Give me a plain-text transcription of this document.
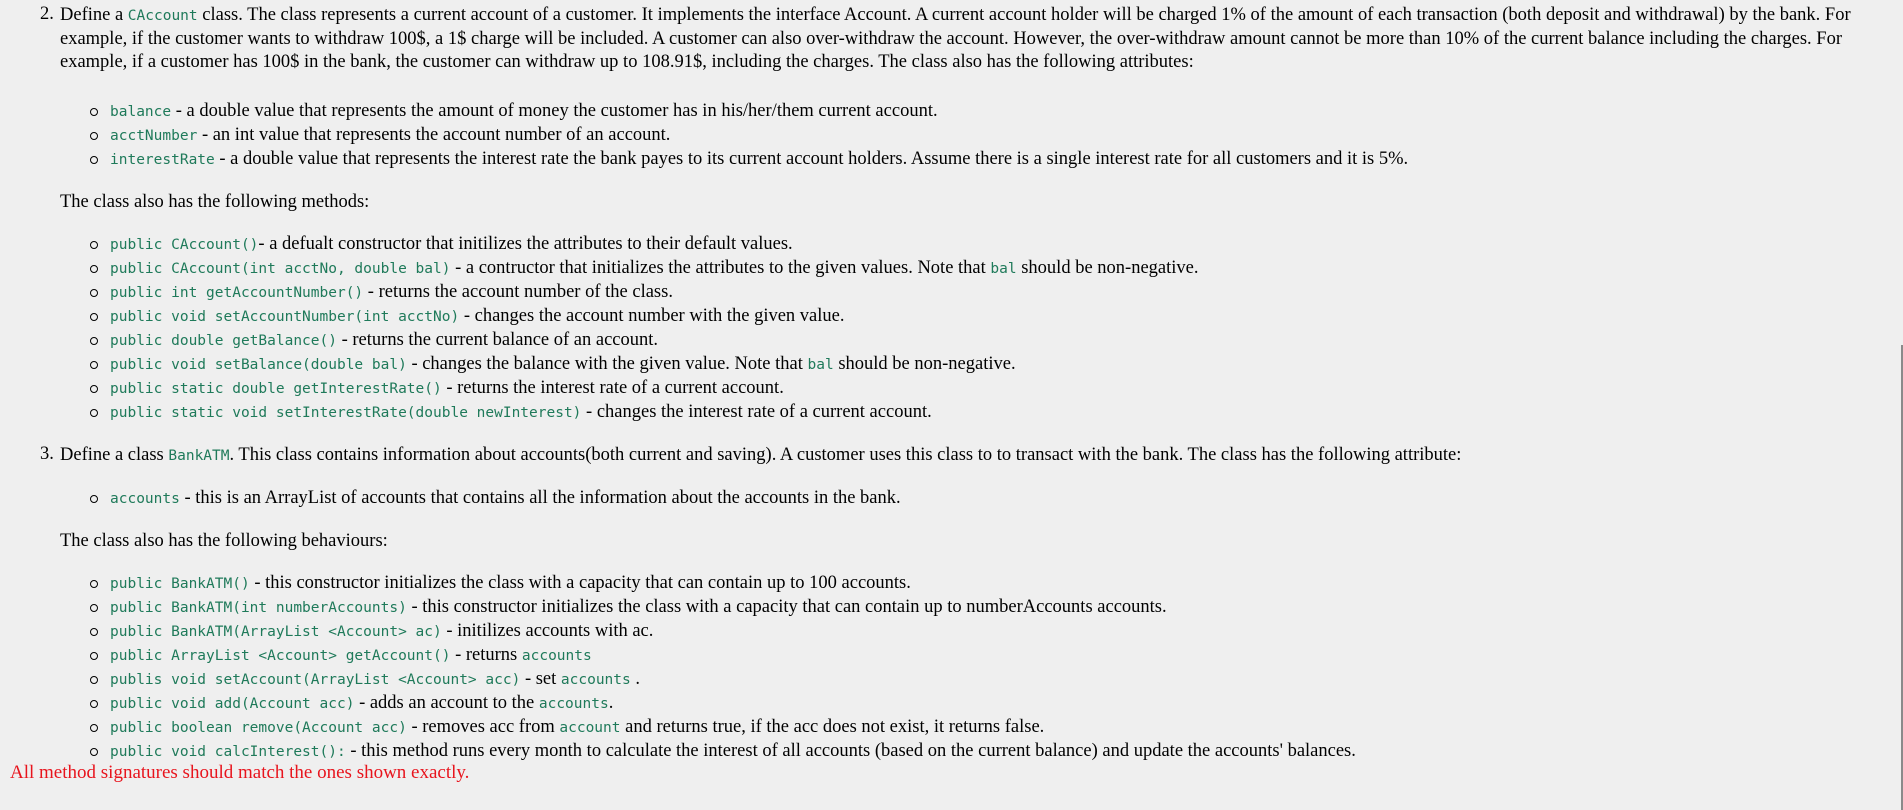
2. Define a CAccount class. The class represents a current account of a customer. It implements the interface Account. A current account holder will be charged 1% of the amount of each transaction (both deposit and withdrawal) by the bank. For example, if the customer wants to withdraw 100$, a 1$ charge will be included. A customer can also over-withdraw the account. However, the over-withdraw amount cannot be more than 10% of the current balance including the charges. For example, if a customer has 100$ in the bank, the customer can withdraw up to 108.91$, including the charges. The class also has the following attributes:

balance - a double value that represents the amount of money the customer has in his/her/them current account.
acctNumber - an int value that represents the account number of an account.
interestRate - a double value that represents the interest rate the bank payes to its current account holders. Assume there is a single interest rate for all customers and it is 5%.

The class also has the following methods:

public CAccount()- a defualt constructor that initilizes the attributes to their default values.
public CAccount(int acctNo, double bal) - a contructor that initializes the attributes to the given values. Note that bal should be non-negative.
public int getAccountNumber() - returns the account number of the class.
public void setAccountNumber(int acctNo) - changes the account number with the given value.
public double getBalance() - returns the current balance of an account.
public void setBalance(double bal) - changes the balance with the given value. Note that bal should be non-negative.
public static double getInterestRate() - returns the interest rate of a current account.
public static void setInterestRate(double newInterest) - changes the interest rate of a current account.
3. Define a class BankATM. This class contains information about accounts(both current and saving). A customer uses this class to to transact with the bank. The class has the following attribute:

accounts - this is an ArrayList of accounts that contains all the information about the accounts in the bank.

The class also has the following behaviours:

public BankATM() - this constructor initializes the class with a capacity that can contain up to 100 accounts.
public BankATM(int numberAccounts) - this constructor initializes the class with a capacity that can contain up to numberAccounts accounts.
public BankATM(ArrayList <Account> ac) - initilizes accounts with ac.
public ArrayList <Account> getAccount() - returns accounts
publis void setAccount(ArrayList <Account> acc) - set accounts .
public void add(Account acc) - adds an account to the accounts.
public boolean remove(Account acc) - removes acc from account and returns true, if the acc does not exist, it returns false.
public void calcInterest(): - this method runs every month to calculate the interest of all accounts (based on the current balance) and update the accounts' balances.
All method signatures should match the ones shown exactly.
